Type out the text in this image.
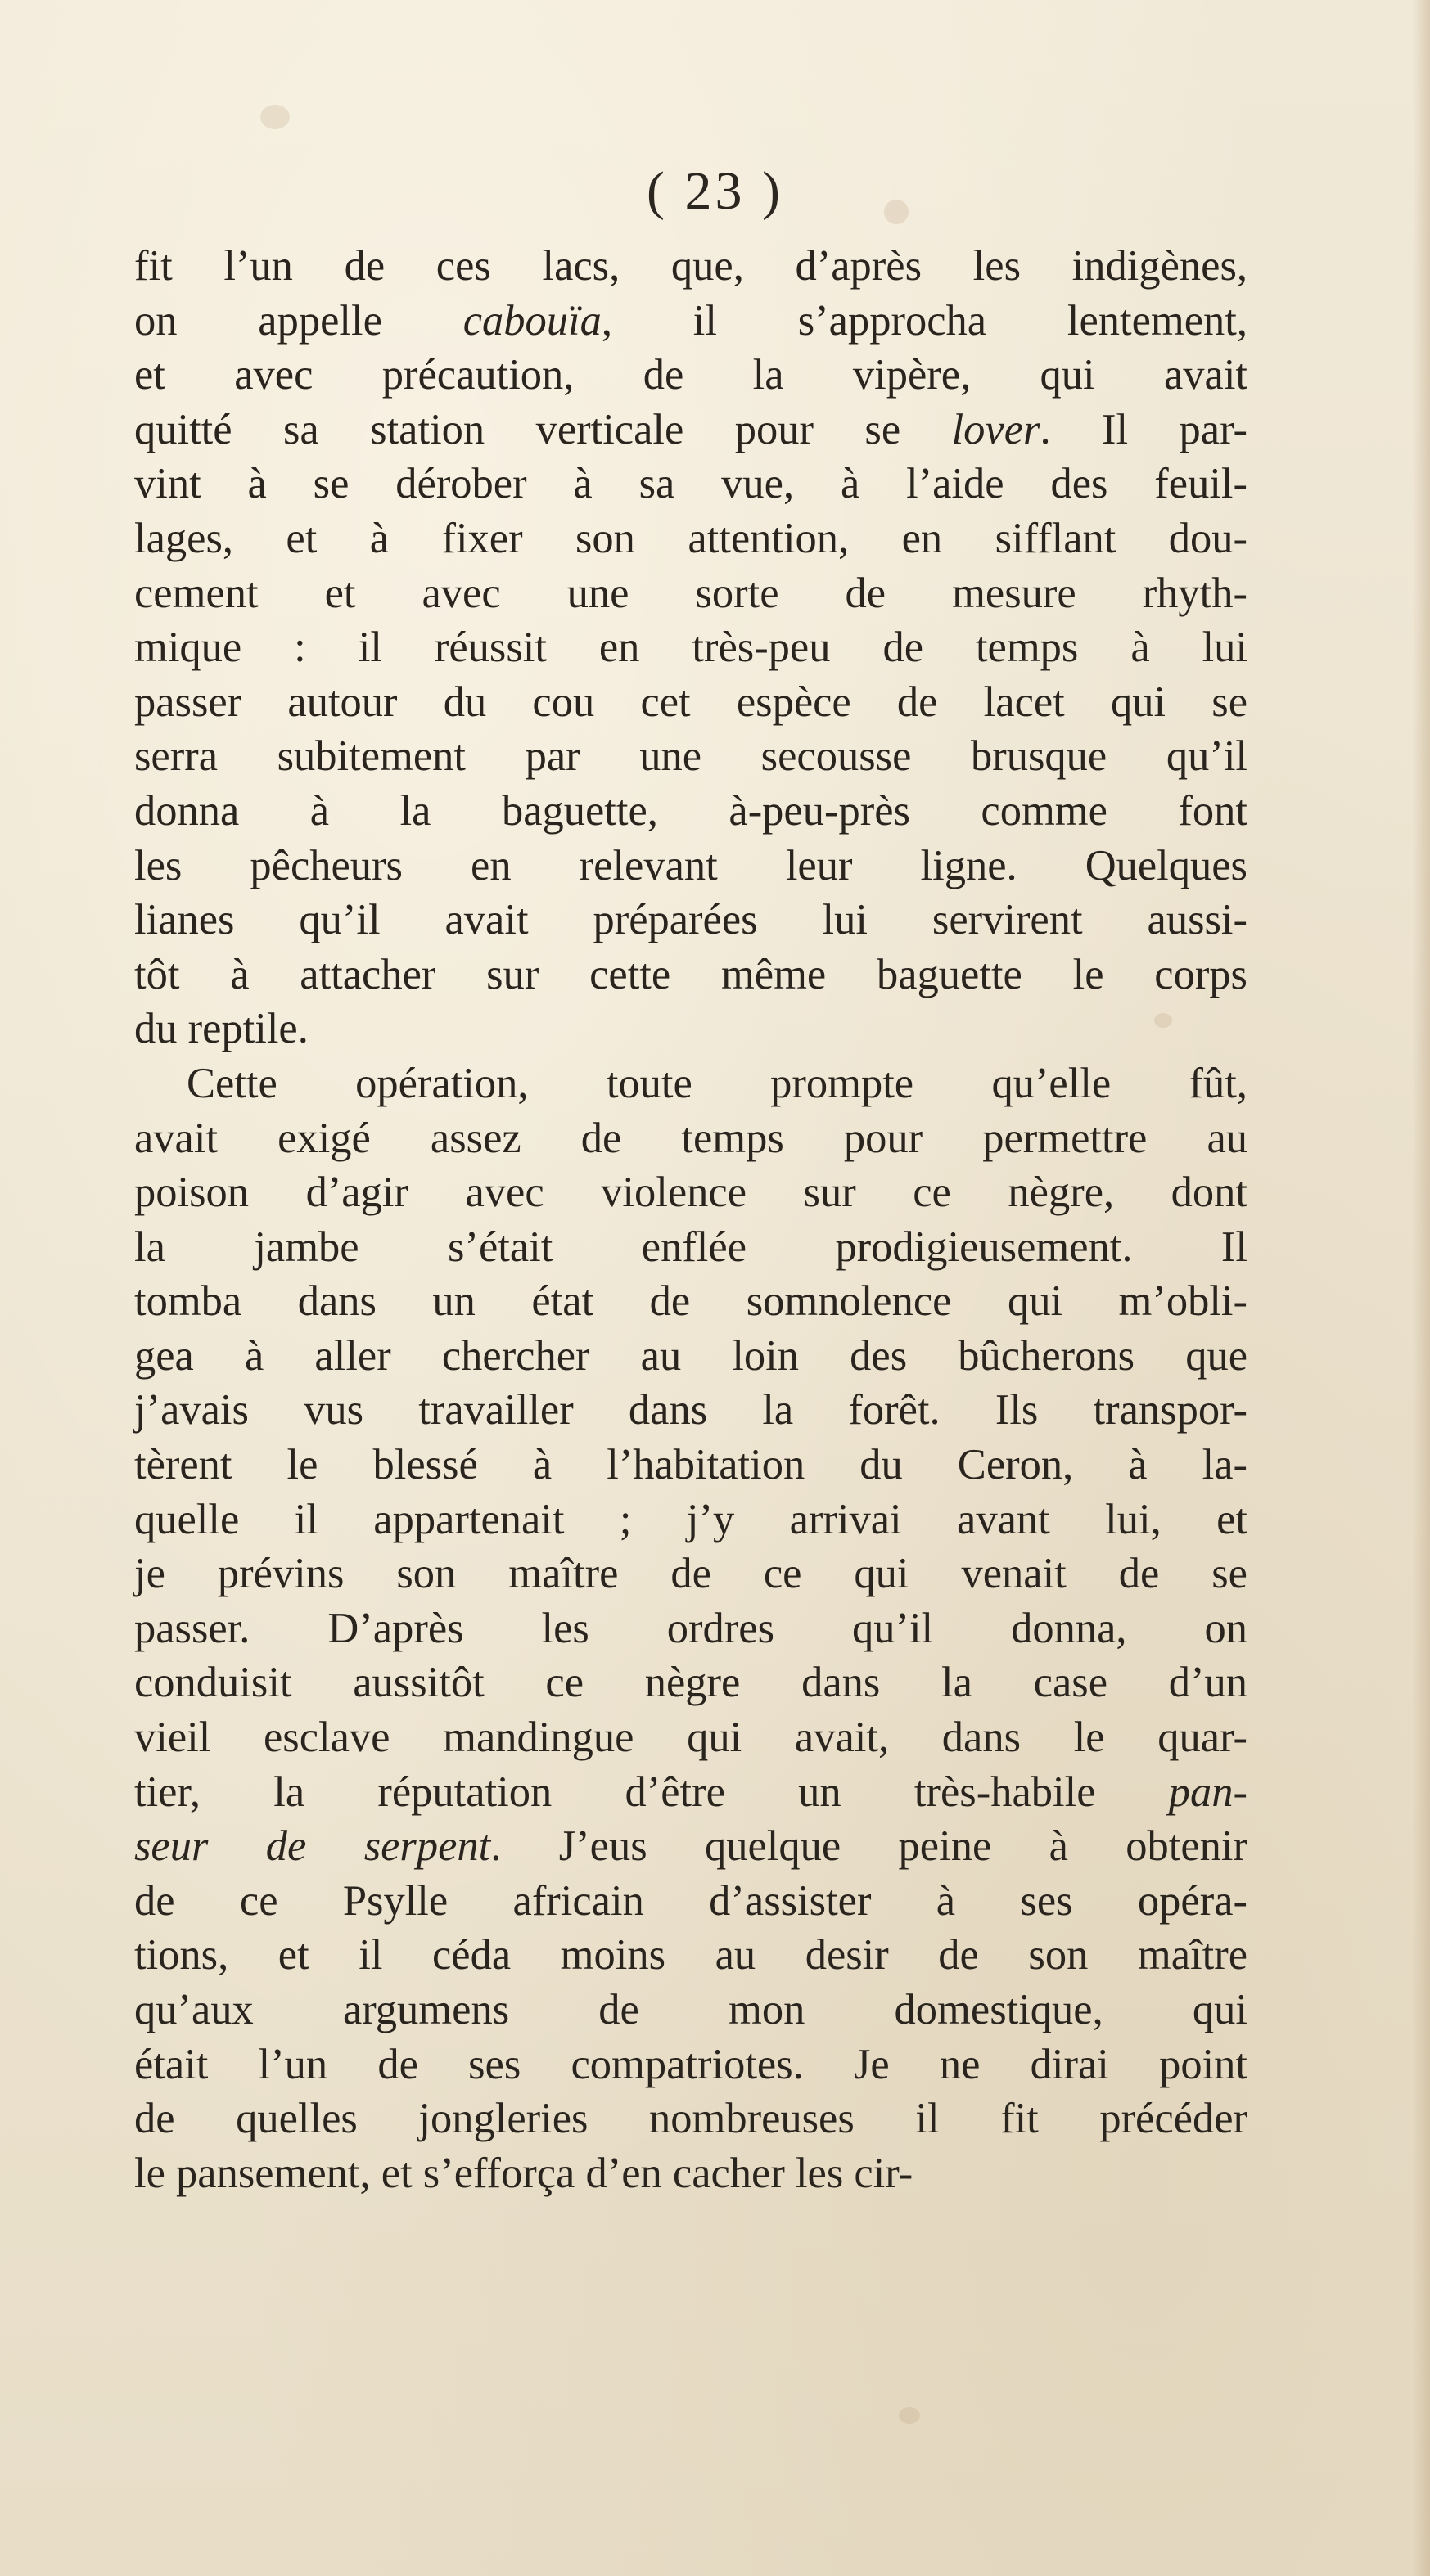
( 23 )
fit l’un de ces lacs, que, d’après les indigènes,
on appelle cabouïa, il s’approcha lentement,
et avec précaution, de la vipère, qui avait
quitté sa station verticale pour se lover. Il par-
vint à se dérober à sa vue, à l’aide des feuil-
lages, et à fixer son attention, en sifflant dou-
cement et avec une sorte de mesure rhyth-
mique : il réussit en très-peu de temps à lui
passer autour du cou cet espèce de lacet qui se
serra subitement par une secousse brusque qu’il
donna à la baguette, à-peu-près comme font
les pêcheurs en relevant leur ligne. Quelques
lianes qu’il avait préparées lui servirent aussi-
tôt à attacher sur cette même baguette le corps
du reptile.
Cette opération, toute prompte qu’elle fût,
avait exigé assez de temps pour permettre au
poison d’agir avec violence sur ce nègre, dont
la jambe s’était enflée prodigieusement. Il
tomba dans un état de somnolence qui m’obli-
gea à aller chercher au loin des bûcherons que
j’avais vus travailler dans la forêt. Ils transpor-
tèrent le blessé à l’habitation du Ceron, à la-
quelle il appartenait ; j’y arrivai avant lui, et
je prévins son maître de ce qui venait de se
passer. D’après les ordres qu’il donna, on
conduisit aussitôt ce nègre dans la case d’un
vieil esclave mandingue qui avait, dans le quar-
tier, la réputation d’être un très-habile pan-
seur de serpent. J’eus quelque peine à obtenir
de ce Psylle africain d’assister à ses opéra-
tions, et il céda moins au desir de son maître
qu’aux argumens de mon domestique, qui
était l’un de ses compatriotes. Je ne dirai point
de quelles jongleries nombreuses il fit précéder
le pansement, et s’efforça d’en cacher les cir-
